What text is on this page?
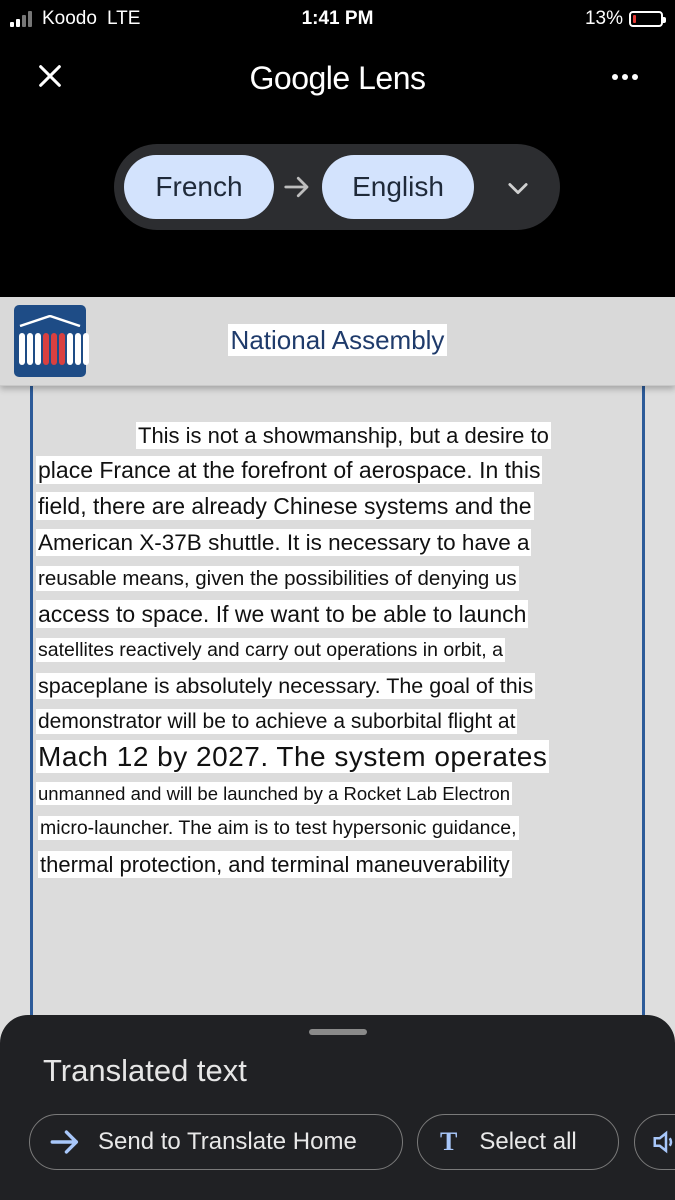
Koodo LTE	1:41 PM	13%
Google Lens
French	English
National Assembly
This is not a showmanship, but a desire to
place France at the forefront of aerospace. In this
field, there are already Chinese systems and the
American X-37B shuttle. It is necessary to have a
reusable means, given the possibilities of denying us
access to space. If we want to be able to launch
satellites reactively and carry out operations in orbit, a
spaceplane is absolutely necessary. The goal of this
demonstrator will be to achieve a suborbital flight at
Mach 12 by 2027. The system operates
unmanned and will be launched by a Rocket Lab Electron
micro-launcher. The aim is to test hypersonic guidance,
thermal protection, and terminal maneuverability
Translated text
Send to Translate Home	T Select all
